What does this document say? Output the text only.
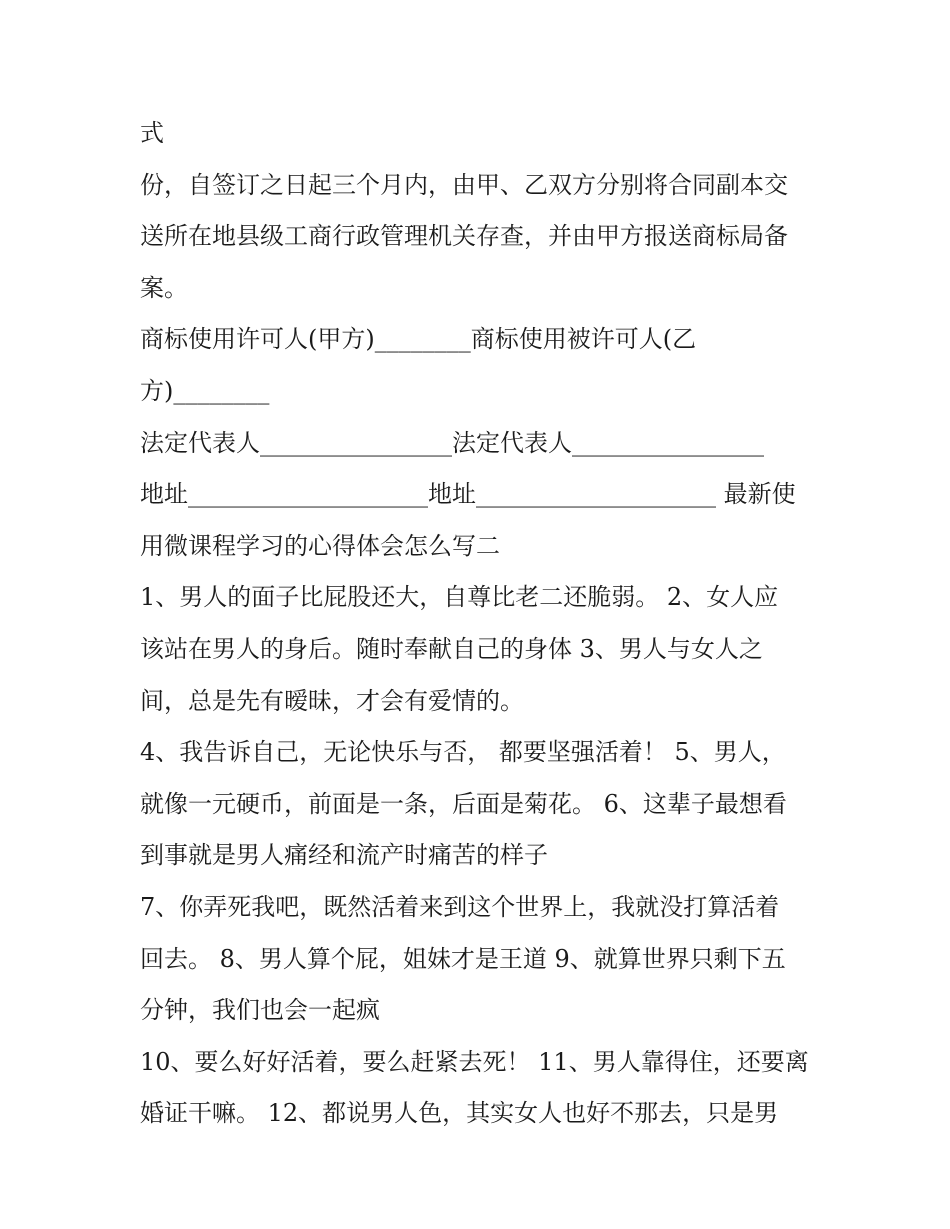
式
份，自签订之日起三个月内，由甲、乙双方分别将合同副本交
送所在地县级工商行政管理机关存查，并由甲方报送商标局备
案。
商标使用许可人(甲方)________商标使用被许可人(乙
方)________
法定代表人________________法定代表人________________
地址____________________地址____________________ 最新使
用微课程学习的心得体会怎么写二
1、男人的面子比屁股还大，自尊比老二还脆弱。 2、女人应
该站在男人的身后。随时奉献自己的身体 3、男人与女人之
间，总是先有暧昧，才会有爱情的。
4、我告诉自己，无论快乐与否， 都要坚强活着！ 5、男人，
就像一元硬币，前面是一条，后面是菊花。 6、这辈子最想看
到事就是男人痛经和流产时痛苦的样子
7、你弄死我吧，既然活着来到这个世界上，我就没打算活着
回去。 8、男人算个屁，姐妹才是王道 9、就算世界只剩下五
分钟，我们也会一起疯
10、要么好好活着，要么赶紧去死！ 11、男人靠得住，还要离
婚证干嘛。 12、都说男人色，其实女人也好不那去，只是男
